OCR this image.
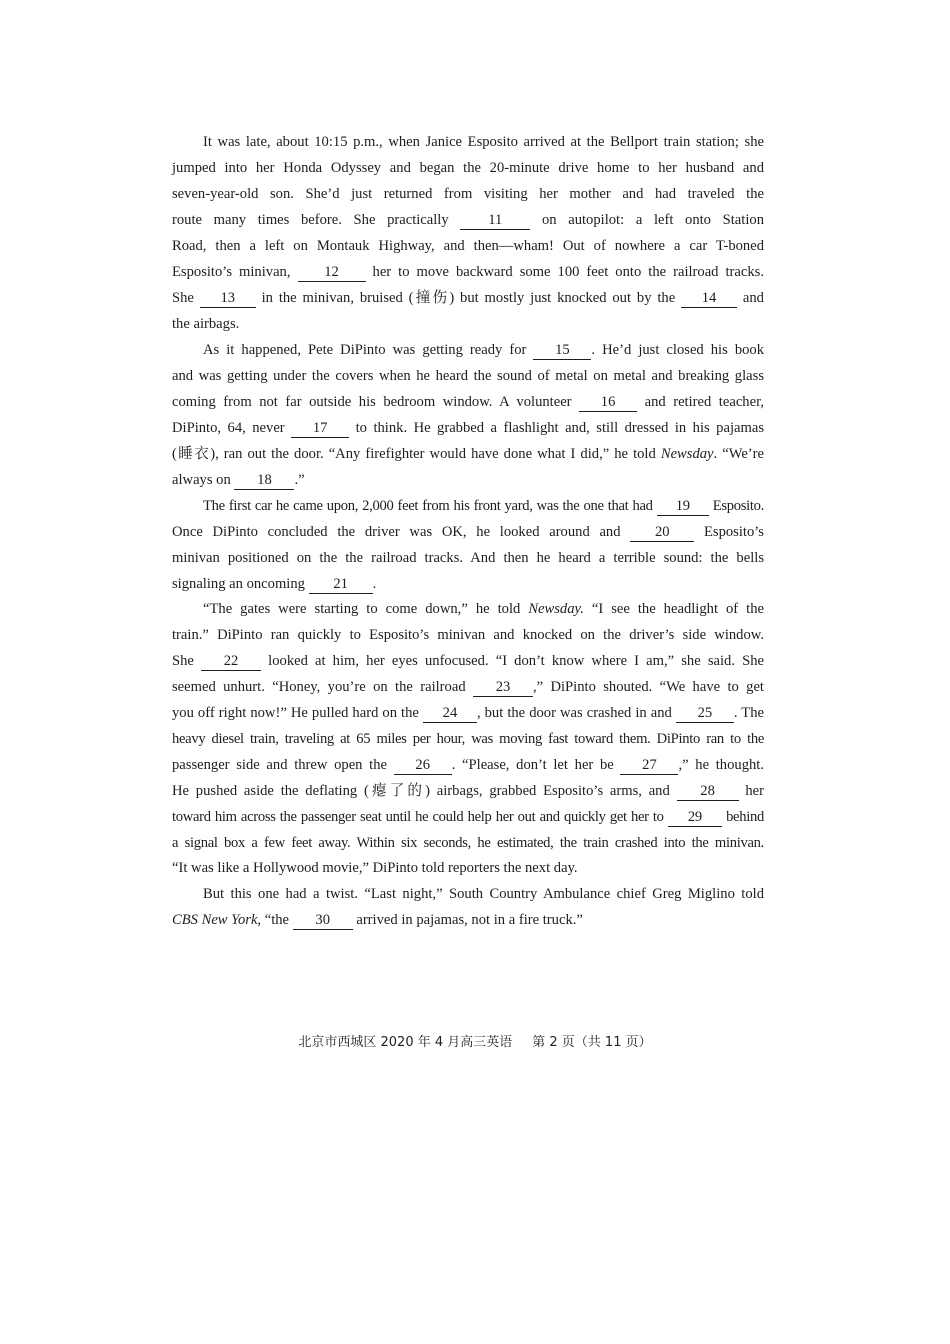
It was late, about 10:15 p.m., when Janice Esposito arrived at the Bellport train station; she
jumped into her Honda Odyssey and began the 20-minute drive home to her husband and
seven-year-old son. She’d just returned from visiting her mother and had traveled the
route many times before. She practically	11	on autopilot: a left onto Station
Road, then a left on Montauk Highway, and then—wham! Out of nowhere a car T-boned
Esposito’s minivan, 12 her to move backward some 100 feet onto the railroad tracks.
She 13 in the minivan, bruised (撞伤) but mostly just knocked out by the 14 and
the airbags.
As it happened, Pete DiPinto was getting ready for 15 . He’d just closed his book
and was getting under the covers when he heard the sound of metal on metal and breaking glass
coming from not far outside his bedroom window. A volunteer 16 and retired teacher,
DiPinto, 64, never 17 to think. He grabbed a flashlight and, still dressed in his pajamas
(睡衣), ran out the door. “Any firefighter would have done what I did,” he told Newsday. “We’re
always on 18 .”
The first car he came upon, 2,000 feet from his front yard, was the one that had 19 Esposito.
Once DiPinto concluded the driver was OK, he looked around and 20 Esposito’s
minivan positioned on the the railroad tracks. And then he heard a terrible sound: the bells
signaling an oncoming 21 .
“The gates were starting to come down,” he told Newsday. “I see the headlight of the
train.” DiPinto ran quickly to Esposito’s minivan and knocked on the driver’s side window.
She 22 looked at him, her eyes unfocused. “I don’t know where I am,” she said. She
seemed unhurt. “Honey, you’re on the railroad 23 ,” DiPinto shouted. “We have to get
you off right now!” He pulled hard on the 24 , but the door was crashed in and 25 . The
heavy diesel train, traveling at 65 miles per hour, was moving fast toward them. DiPinto ran to the
passenger side and threw open the 26 . “Please, don’t let her be 27 ,” he thought.
He pushed aside the deflating (瘪了的) airbags, grabbed Esposito’s arms, and 28 her
toward him across the passenger seat until he could help her out and quickly get her to 29 behind
a signal box a few feet away. Within six seconds, he estimated, the train crashed into the minivan.
“It was like a Hollywood movie,” DiPinto told reporters the next day.
But this one had a twist. “Last night,” South Country Ambulance chief Greg Miglino told
CBS New York, “the 30 arrived in pajamas, not in a fire truck.”
北京市西城区 2020 年 4 月高三英语 第 2 页（共 11 页）
